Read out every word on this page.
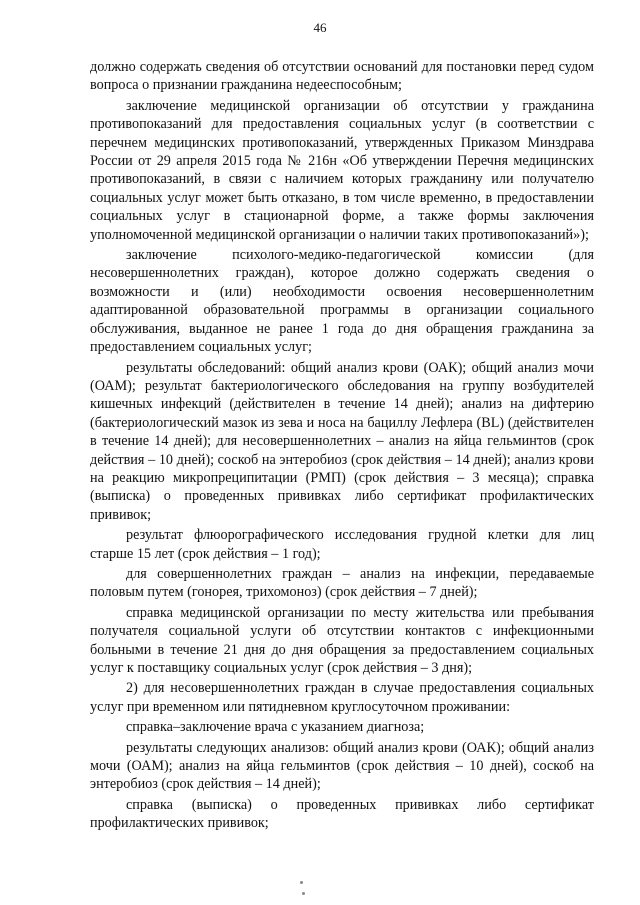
46

должно содержать сведения об отсутствии оснований для постановки перед судом вопроса о признании гражданина недееспособным;

заключение медицинской организации об отсутствии у гражданина противопоказаний для предоставления социальных услуг (в соответствии с перечнем медицинских противопоказаний, утвержденных Приказом Минздрава России от 29 апреля 2015 года № 216н «Об утверждении Перечня медицинских противопоказаний, в связи с наличием которых гражданину или получателю социальных услуг может быть отказано, в том числе временно, в предоставлении социальных услуг в стационарной форме, а также формы заключения уполномоченной медицинской организации о наличии таких противопоказаний»);

заключение психолого-медико-педагогической комиссии (для несовершеннолетних граждан), которое должно содержать сведения о возможности и (или) необходимости освоения несовершеннолетним адаптированной образовательной программы в организации социального обслуживания, выданное не ранее 1 года до дня обращения гражданина за предоставлением социальных услуг;

результаты обследований: общий анализ крови (ОАК); общий анализ мочи (ОАМ); результат бактериологического обследования на группу возбудителей кишечных инфекций (действителен в течение 14 дней); анализ на дифтерию (бактериологический мазок из зева и носа на бациллу Лефлера (BL) (действителен в течение 14 дней); для несовершеннолетних – анализ на яйца гельминтов (срок действия – 10 дней); соскоб на энтеробиоз (срок действия – 14 дней); анализ крови на реакцию микропреципитации (РМП) (срок действия – 3 месяца); справка (выписка) о проведенных прививках либо сертификат профилактических прививок;

результат флюорографического исследования грудной клетки для лиц старше 15 лет (срок действия – 1 год);

для совершеннолетних граждан – анализ на инфекции, передаваемые половым путем (гонорея, трихомоноз) (срок действия – 7 дней);

справка медицинской организации по месту жительства или пребывания получателя социальной услуги об отсутствии контактов с инфекционными больными в течение 21 дня до дня обращения за предоставлением социальных услуг к поставщику социальных услуг (срок действия – 3 дня);

2) для несовершеннолетних граждан в случае предоставления социальных услуг при временном или пятидневном круглосуточном проживании:

справка–заключение врача с указанием диагноза;

результаты следующих анализов: общий анализ крови (ОАК); общий анализ мочи (ОАМ); анализ на яйца гельминтов (срок действия – 10 дней), соскоб на энтеробиоз (срок действия – 14 дней);

справка (выписка) о проведенных прививках либо сертификат профилактических прививок;
